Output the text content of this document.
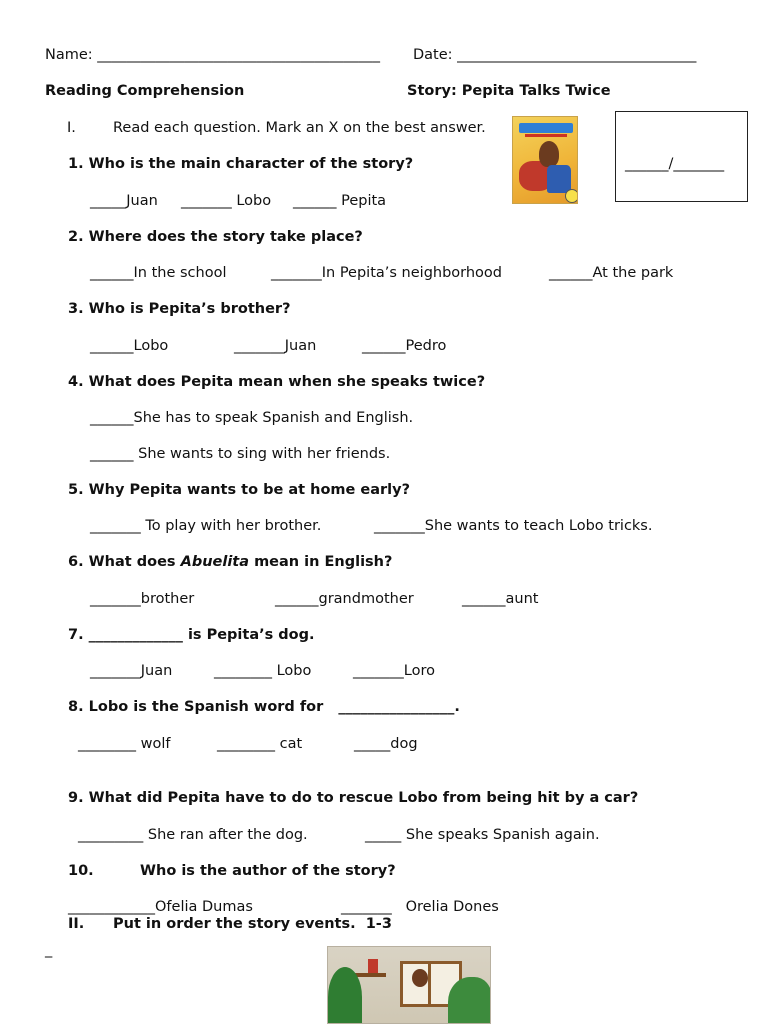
Name: _______________________________________ Date: _________________________________
Reading Comprehension	Story: Pepita Talks Twice
I.	Read each question. Mark an X on the best answer.
______/_______
1. Who is the main character of the story?
_____Juan _______ Lobo ______ Pepita
2. Where does the story take place?
______In the school	_______In Pepita’s neighborhood	______At the park
3. Who is Pepita’s brother?
______Lobo	_______Juan	______Pedro
4. What does Pepita mean when she speaks twice?
______She has to speak Spanish and English.
______ She wants to sing with her friends.
5. Why Pepita wants to be at home early?
_______ To play with her brother.	_______She wants to teach Lobo tricks.
6. What does Abuelita mean in English?
_______brother	______grandmother	______aunt
7. _____________ is Pepita’s dog.
_______Juan	________ Lobo	_______Loro
8. Lobo is the Spanish word for   ________________.
________ wolf	________ cat	_____dog
9. What did Pepita have to do to rescue Lobo from being hit by a car?
_________ She ran after the dog.	_____ She speaks Spanish again.
10.	Who is the author of the story?
____________Ofelia Dumas	_______   Orelia Dones
II. Put in order the story events.  1-3
_
